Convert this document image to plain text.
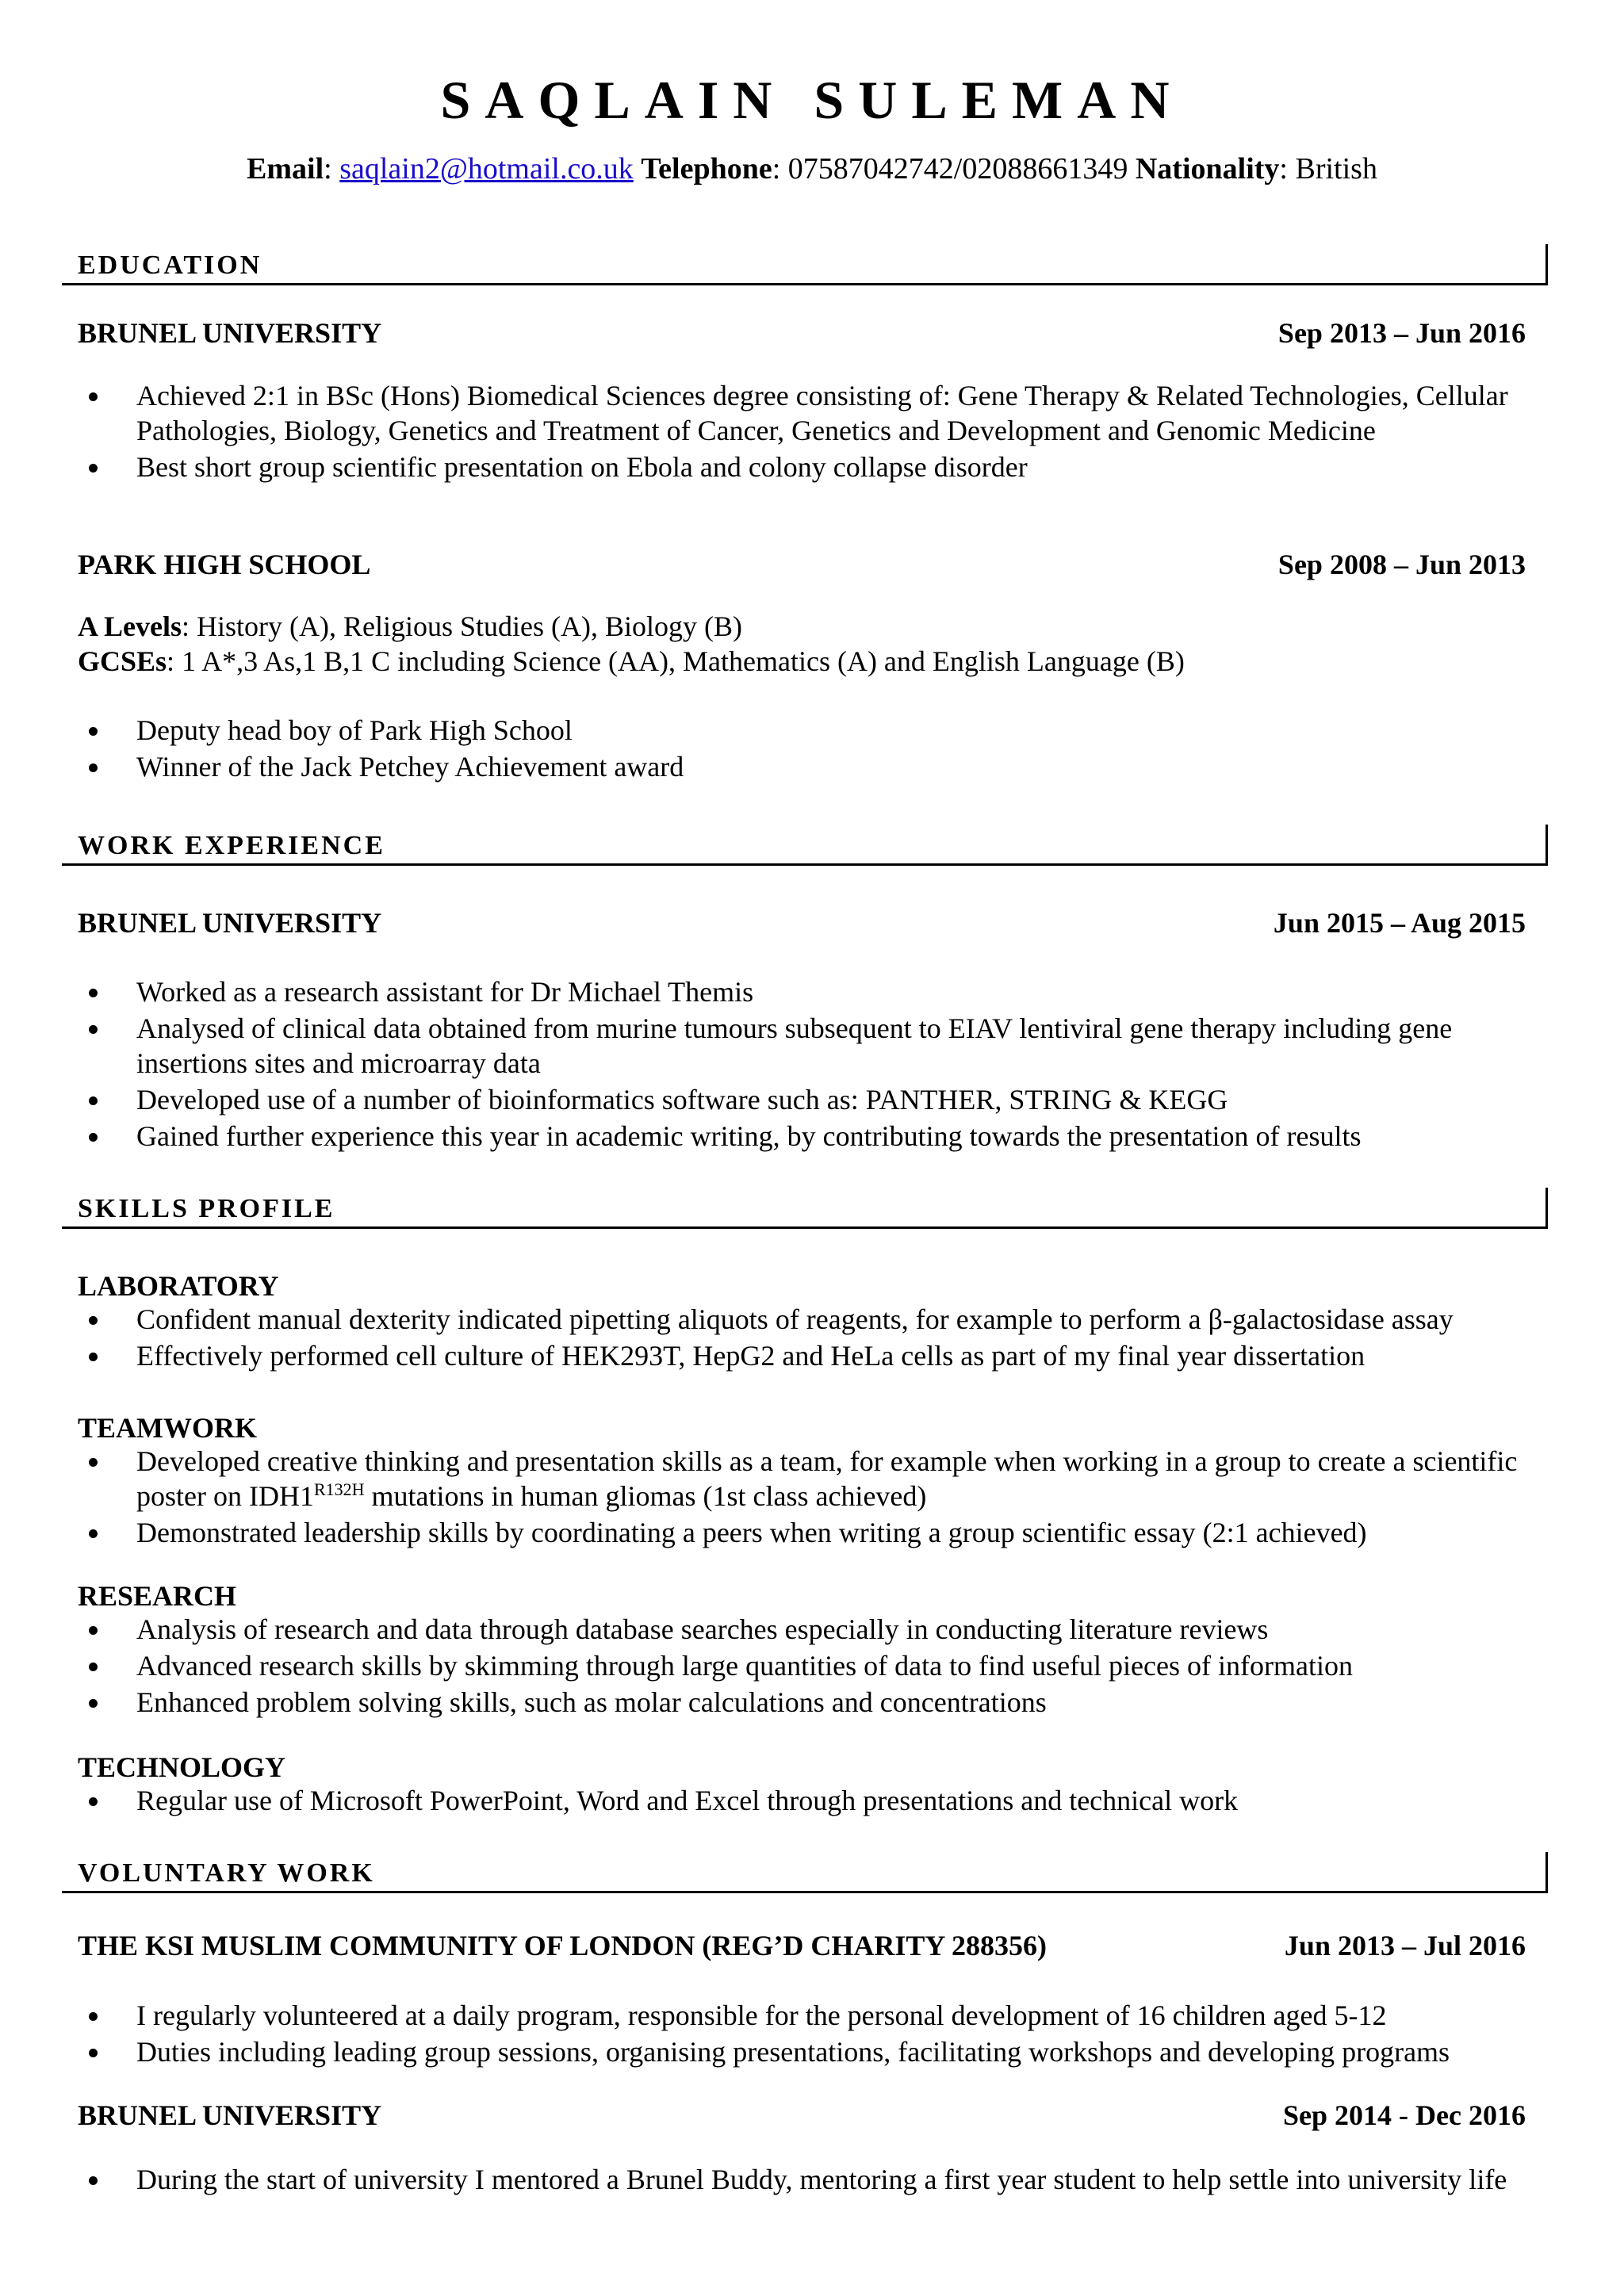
SAQLAIN SULEMAN
Email: saqlain2@hotmail.co.uk Telephone: 07587042742/02088661349 Nationality: British
EDUCATION
BRUNEL UNIVERSITY	Sep 2013 – Jun 2016
Achieved 2:1 in BSc (Hons) Biomedical Sciences degree consisting of: Gene Therapy & Related Technologies, Cellular Pathologies, Biology, Genetics and Treatment of Cancer, Genetics and Development and Genomic Medicine
Best short group scientific presentation on Ebola and colony collapse disorder
PARK HIGH SCHOOL	Sep 2008 – Jun 2013
A Levels: History (A), Religious Studies (A), Biology (B)
GCSEs: 1 A*,3 As,1 B,1 C including Science (AA), Mathematics (A) and English Language (B)
Deputy head boy of Park High School
Winner of the Jack Petchey Achievement award
WORK EXPERIENCE
BRUNEL UNIVERSITY	Jun 2015 – Aug 2015
Worked as a research assistant for Dr Michael Themis
Analysed of clinical data obtained from murine tumours subsequent to EIAV lentiviral gene therapy including gene insertions sites and microarray data
Developed use of a number of bioinformatics software such as: PANTHER, STRING & KEGG
Gained further experience this year in academic writing, by contributing towards the presentation of results
SKILLS PROFILE
LABORATORY
Confident manual dexterity indicated pipetting aliquots of reagents, for example to perform a β-galactosidase assay
Effectively performed cell culture of HEK293T, HepG2 and HeLa cells as part of my final year dissertation
TEAMWORK
Developed creative thinking and presentation skills as a team, for example when working in a group to create a scientific poster on $IDH1^{R132H}$ mutations in human gliomas (1st class achieved)
Demonstrated leadership skills by coordinating a peers when writing a group scientific essay (2:1 achieved)
RESEARCH
Analysis of research and data through database searches especially in conducting literature reviews
Advanced research skills by skimming through large quantities of data to find useful pieces of information
Enhanced problem solving skills, such as molar calculations and concentrations
TECHNOLOGY
Regular use of Microsoft PowerPoint, Word and Excel through presentations and technical work
VOLUNTARY WORK
THE KSI MUSLIM COMMUNITY OF LONDON (REG’D CHARITY 288356)	Jun 2013 – Jul 2016
I regularly volunteered at a daily program, responsible for the personal development of 16 children aged 5-12
Duties including leading group sessions, organising presentations, facilitating workshops and developing programs
BRUNEL UNIVERSITY	Sep 2014 - Dec 2016
During the start of university I mentored a Brunel Buddy, mentoring a first year student to help settle into university life
